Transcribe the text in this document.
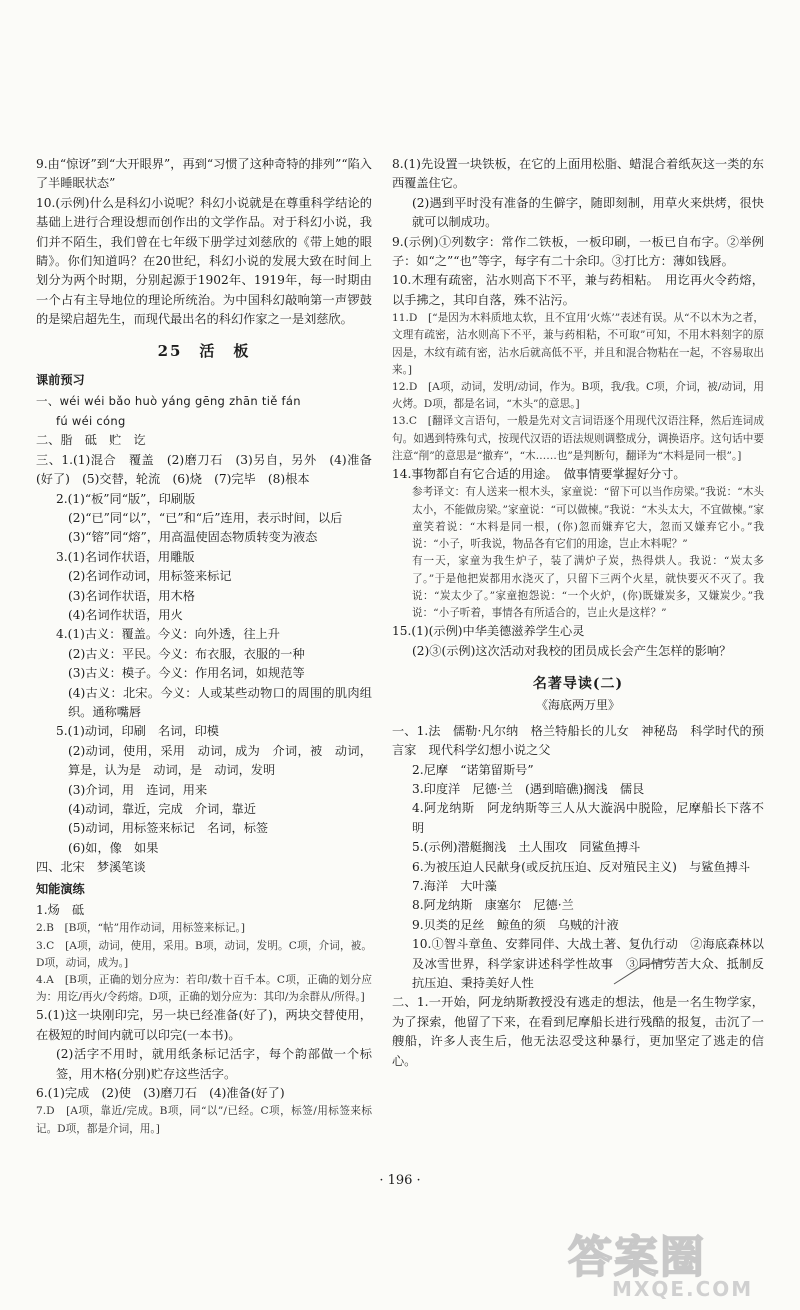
9.由“惊讶”到“大开眼界”，再到“习惯了这种奇特的排列”“陷入了半睡眠状态”

10.(示例)什么是科幻小说呢？科幻小说就是在尊重科学结论的基础上进行合理设想而创作出的文学作品。对于科幻小说，我们并不陌生，我们曾在七年级下册学过刘慈欣的《带上她的眼睛》。你们知道吗？在20世纪，科幻小说的发展大致在时间上划分为两个时期，分别起源于1902年、1919年，每一时期由一个占有主导地位的理论所统治。为中国科幻敲响第一声锣鼓的是梁启超先生，而现代最出名的科幻作家之一是刘慈欣。

25　活　板
课前预习

一、wéi wéi bǎo huò yáng gēng zhān tiě fán

fú wéi cóng

二、脂　砥　贮　讫

三、1.(1)混合　覆盖　(2)磨刀石　(3)另自，另外　(4)准备(好了)　(5)交替，轮流　(6)烧　(7)完毕　(8)根本

2.(1)“板”同“版”，印刷版

(2)“已”同“以”，“已”和“后”连用，表示时间，以后

(3)“镕”同“熔”，用高温使固态物质转变为液态

3.(1)名词作状语，用雕版

(2)名词作动词，用标签来标记

(3)名词作状语，用木格

(4)名词作状语，用火

4.(1)古义：覆盖。今义：向外透，往上升

(2)古义：平民。今义：布衣服，衣服的一种

(3)古义：模子。今义：作用名词，如规范等

(4)古义：北宋。今义：人或某些动物口的周围的肌肉组织。通称嘴唇

5.(1)动词，印刷　名词，印模

(2)动词，使用，采用　动词，成为　介词，被　动词，算是，认为是　动词，是　动词，发明

(3)介词，用　连词，用来

(4)动词，靠近，完成　介词，靠近

(5)动词，用标签来标记　名词，标签

(6)如，像　如果

四、北宋　梦溪笔谈

知能演练

1.炀　砥

2.B　[B项，“帖”用作动词，用标签来标记。]

3.C　[A项，动词，使用，采用。B项，动词，发明。C项，介词，被。D项，动词，成为。]

4.A　[B项，正确的划分应为：若印/数十百千本。C项，正确的划分应为：用讫/再火/令药熔。D项，正确的划分应为：其印/为余群从/所得。]

5.(1)这一块刚印完，另一块已经准备(好了)，两块交替使用，在极短的时间内就可以印完(一本书)。

(2)活字不用时，就用纸条标记活字，每个韵部做一个标签，用木格(分别)贮存这些活字。

6.(1)完成　(2)使　(3)磨刀石　(4)准备(好了)

7.D　[A项，靠近/完成。B项，同“以”/已经。C项，标签/用标签来标记。D项，都是介词，用。]

8.(1)先设置一块铁板，在它的上面用松脂、蜡混合着纸灰这一类的东西覆盖住它。

(2)遇到平时没有准备的生僻字，随即刻制，用草火来烘烤，很快就可以制成功。

9.(示例)①列数字：常作二铁板，一板印刷，一板已自布字。②举例子：如“之”“也”等字，每字有二十余印。③打比方：薄如钱唇。

10.木理有疏密，沾水则高下不平，兼与药相粘。　用讫再火令药熔，以手拂之，其印自落，殊不沾污。

11.D　[“是因为木料质地太软，且不宜用‘火炼’”表述有误。从“不以木为之者，文理有疏密，沾水则高下不平，兼与药相粘，不可取”可知，不用木料刻字的原因是，木纹有疏有密，沾水后就高低不平，并且和混合物粘在一起，不容易取出来。]

12.D　[A项，动词，发明/动词，作为。B项，我/我。C项，介词，被/动词，用火烤。D项，都是名词，“木头”的意思。]

13.C　[翻译文言语句，一般是先对文言词语逐个用现代汉语注释，然后连词成句。如遇到特殊句式，按现代汉语的语法规则调整成分，调换语序。这句话中要注意“削”的意思是“撤弃”，“木……也”是判断句，翻译为“木料是同一根”。]

14.事物都自有它合适的用途。　做事情要掌握好分寸。

参考译文：有人送来一根木头，家童说：“留下可以当作房梁。”我说：“木头太小，不能做房梁。”家童说：“可以做楝。”我说：“木头太大，不宜做楝。”家童笑着说：“木料是同一根，(你)忽而嫌弃它大，忽而又嫌弃它小。”我说：“小子，听我说，物品各有它们的用途，岂止木料呢？”

有一天，家童为我生炉子，装了满炉子炭，热得烘人。我说：“炭太多了。”于是他把炭都用水浇灭了，只留下三两个火星，就快要灭不灭了。我说：“炭太少了。”家童抱怨说：“一个火炉，(你)既嫌炭多，又嫌炭少。”我说：“小子听着，事情各有所适合的，岂止火是这样？”

15.(1)(示例)中华美德滋养学生心灵

(2)③(示例)这次活动对我校的团员成长会产生怎样的影响？

名著导读(二)
《海底两万里》

一、1.法　儒勒·凡尔纳　格兰特船长的儿女　神秘岛　科学时代的预言家　现代科学幻想小说之父

2.尼摩　“诺第留斯号”

3.印度洋　尼德·兰　(遇到暗礁)搁浅　儒艮

4.阿龙纳斯　阿龙纳斯等三人从大漩涡中脱险，尼摩船长下落不明

5.(示例)潜艇搁浅　土人围攻　同鲨鱼搏斗

6.为被压迫人民献身(或反抗压迫、反对殖民主义)　与鲨鱼搏斗

7.海洋　大叶藻

8.阿龙纳斯　康塞尔　尼德·兰

9.贝类的足丝　鲸鱼的须　乌贼的汁液

10.①智斗章鱼、安葬同伴、大战土著、复仇行动　②海底森林以及冰雪世界，科学家讲述科学性故事　③同情劳苦大众、抵制反抗压迫、秉持美好人性

二、1.一开始，阿龙纳斯教授没有逃走的想法，他是一名生物学家，为了探索，他留了下来，在看到尼摩船长进行残酷的报复，击沉了一艘船，许多人丧生后，他无法忍受这种暴行，更加坚定了逃走的信心。

· 196 ·
答案圈
MXQE.COM
